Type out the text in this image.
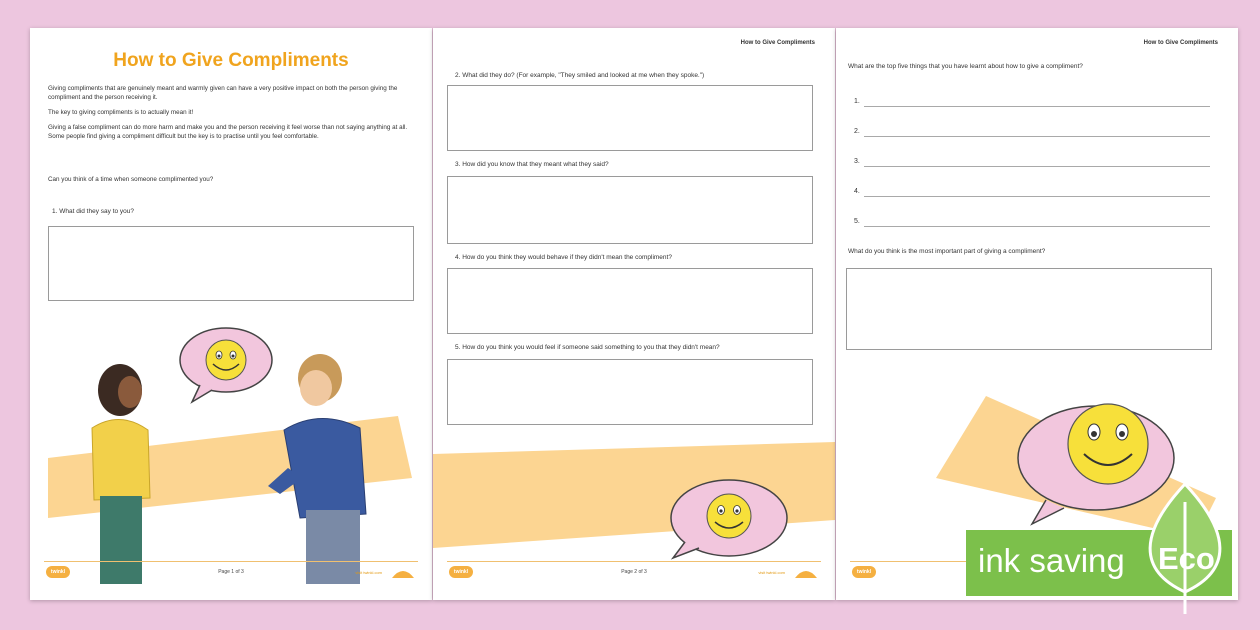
How to Give Compliments
Giving compliments that are genuinely meant and warmly given can have a very positive impact on both the person giving the compliment and the person receiving it.
The key to giving compliments is to actually mean it!
Giving a false compliment can do more harm and make you and the person receiving it feel worse than not saying anything at all. Some people find giving a compliment difficult but the key is to practise until you feel comfortable.
Can you think of a time when someone complimented you?
1. What did they say to you?
twinkl	Page 1 of 3	visit twinkl.com
How to Give Compliments
2. What did they do? (For example, "They smiled and looked at me when they spoke.")
3. How did you know that they meant what they said?
4. How do you think they would behave if they didn't mean the compliment?
5. How do you think you would feel if someone said something to you that they didn't mean?
twinkl	Page 2 of 3	visit twinkl.com
How to Give Compliments
What are the top five things that you have learnt about how to give a compliment?
1.
2.
3.
4.
5.
What do you think is the most important part of giving a compliment?
twinkl	ink saving Eco
